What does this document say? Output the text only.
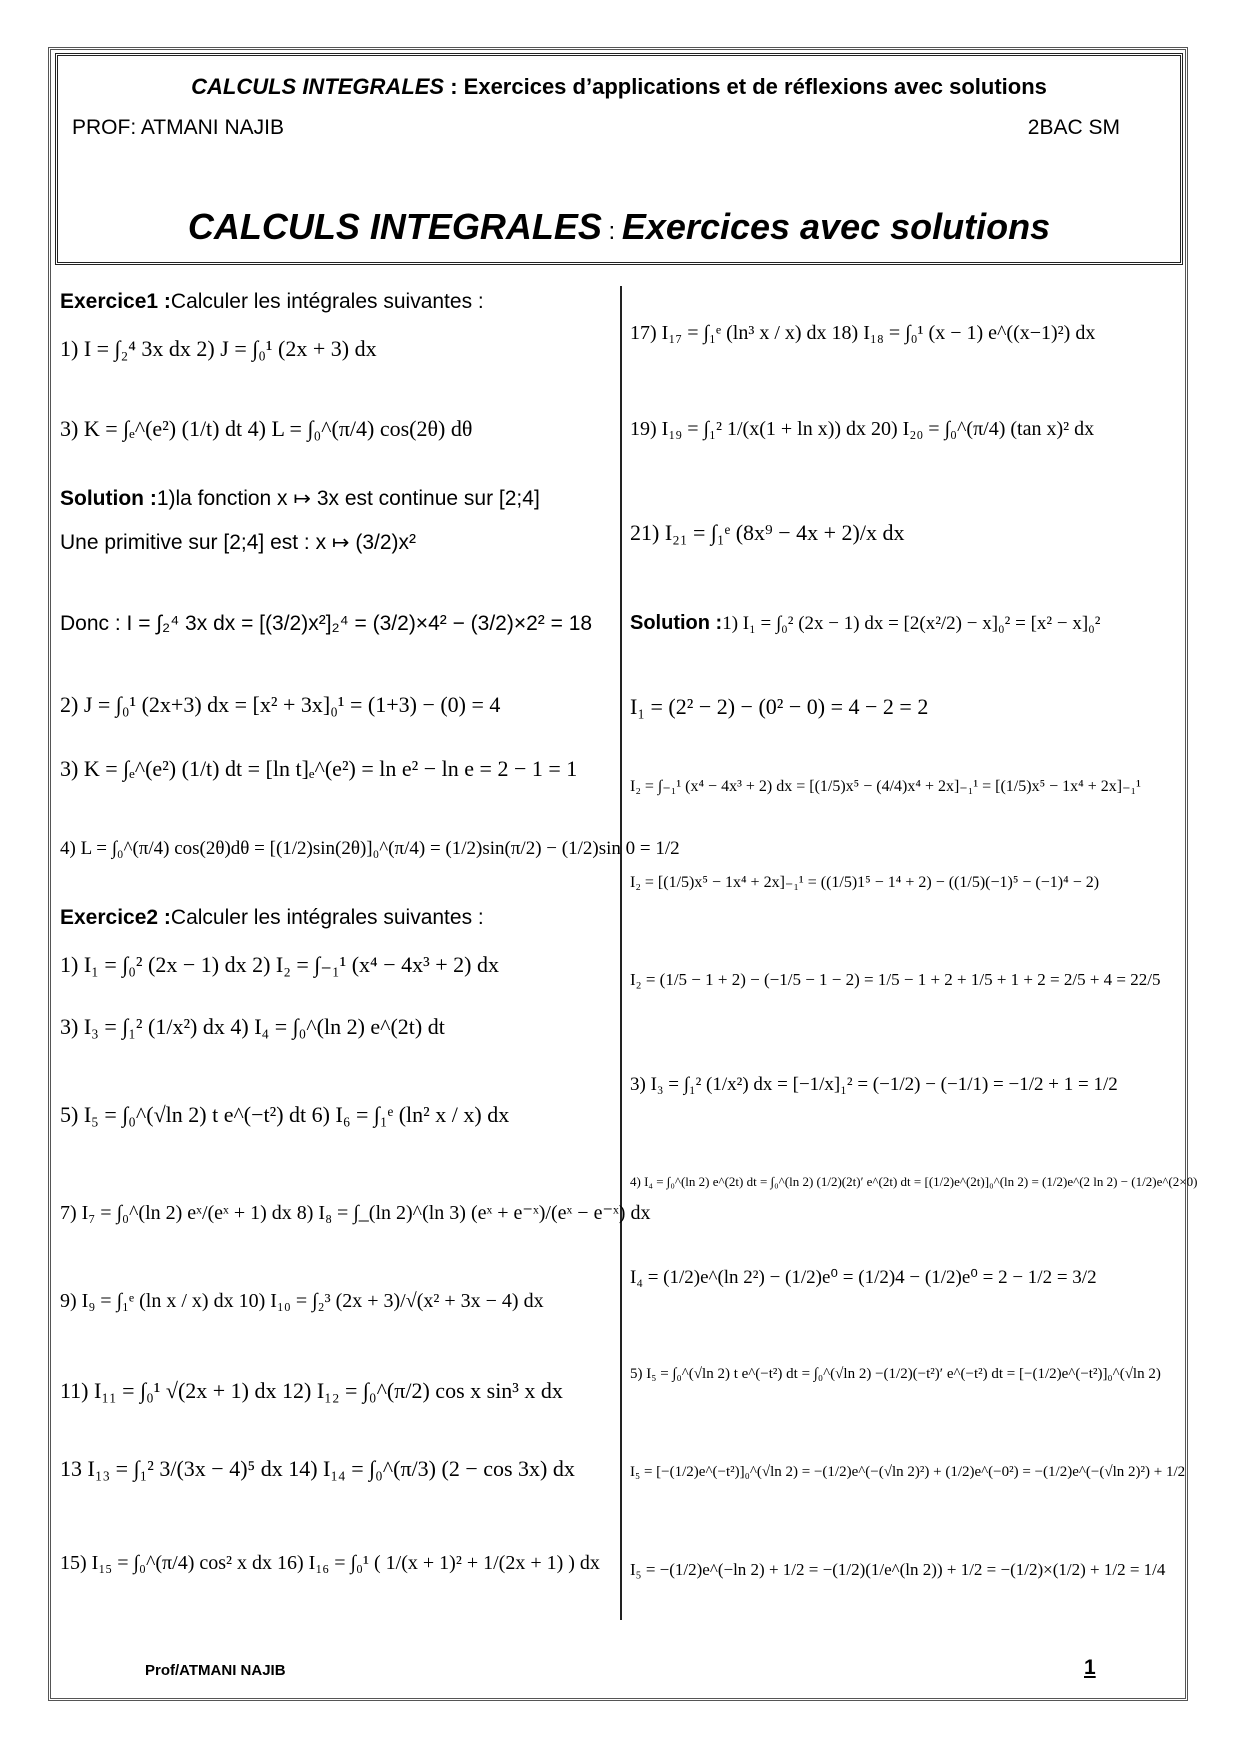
CALCULS INTEGRALES : Exercices d’applications et de réflexions avec solutions
PROF: ATMANI NAJIB	2BAC SM
CALCULS INTEGRALES : Exercices avec solutions
Exercice1 :Calculer les intégrales suivantes :
1) I = ∫₂⁴ 3x dx 2) J = ∫₀¹ (2x + 3) dx
3) K = ∫ₑ^(e²) (1/t) dt 4) L = ∫₀^(π/4) cos(2θ) dθ
Solution :1)la fonction x ↦ 3x est continue sur [2;4]
Une primitive sur [2;4] est : x ↦ (3/2)x²
Donc : I = ∫₂⁴ 3x dx = [(3/2)x²]₂⁴ = (3/2)×4² − (3/2)×2² = 18
2) J = ∫₀¹ (2x+3) dx = [x² + 3x]₀¹ = (1+3) − (0) = 4
3) K = ∫ₑ^(e²) (1/t) dt = [ln t]ₑ^(e²) = ln e² − ln e = 2 − 1 = 1
4) L = ∫₀^(π/4) cos(2θ)dθ = [(1/2)sin(2θ)]₀^(π/4) = (1/2)sin(π/2) − (1/2)sin 0 = 1/2
Exercice2 :Calculer les intégrales suivantes :
1) I₁ = ∫₀² (2x − 1) dx 2) I₂ = ∫₋₁¹ (x⁴ − 4x³ + 2) dx
3) I₃ = ∫₁² (1/x²) dx 4) I₄ = ∫₀^(ln 2) e^(2t) dt
5) I₅ = ∫₀^(√ln 2) t e^(−t²) dt 6) I₆ = ∫₁ᵉ (ln² x / x) dx
7) I₇ = ∫₀^(ln 2) eˣ/(eˣ + 1) dx 8) I₈ = ∫_(ln 2)^(ln 3) (eˣ + e⁻ˣ)/(eˣ − e⁻ˣ) dx
9) I₉ = ∫₁ᵉ (ln x / x) dx 10) I₁₀ = ∫₂³ (2x + 3)/√(x² + 3x − 4) dx
11) I₁₁ = ∫₀¹ √(2x + 1) dx 12) I₁₂ = ∫₀^(π/2) cos x sin³ x dx
13 I₁₃ = ∫₁² 3/(3x − 4)⁵ dx 14) I₁₄ = ∫₀^(π/3) (2 − cos 3x) dx
15) I₁₅ = ∫₀^(π/4) cos² x dx 16) I₁₆ = ∫₀¹ ( 1/(x + 1)² + 1/(2x + 1) ) dx
17) I₁₇ = ∫₁ᵉ (ln³ x / x) dx 18) I₁₈ = ∫₀¹ (x − 1) e^((x−1)²) dx
19) I₁₉ = ∫₁² 1/(x(1 + ln x)) dx 20) I₂₀ = ∫₀^(π/4) (tan x)² dx
21) I₂₁ = ∫₁ᵉ (8x⁹ − 4x + 2)/x dx
Solution :1) I₁ = ∫₀² (2x − 1) dx = [2(x²/2) − x]₀² = [x² − x]₀²
I₁ = (2² − 2) − (0² − 0) = 4 − 2 = 2
I₂ = ∫₋₁¹ (x⁴ − 4x³ + 2) dx = [(1/5)x⁵ − (4/4)x⁴ + 2x]₋₁¹ = [(1/5)x⁵ − 1x⁴ + 2x]₋₁¹
I₂ = [(1/5)x⁵ − 1x⁴ + 2x]₋₁¹ = ((1/5)1⁵ − 1⁴ + 2) − ((1/5)(−1)⁵ − (−1)⁴ − 2)
I₂ = (1/5 − 1 + 2) − (−1/5 − 1 − 2) = 1/5 − 1 + 2 + 1/5 + 1 + 2 = 2/5 + 4 = 22/5
3) I₃ = ∫₁² (1/x²) dx = [−1/x]₁² = (−1/2) − (−1/1) = −1/2 + 1 = 1/2
4) I₄ = ∫₀^(ln 2) e^(2t) dt = ∫₀^(ln 2) (1/2)(2t)′ e^(2t) dt = [(1/2)e^(2t)]₀^(ln 2) = (1/2)e^(2 ln 2) − (1/2)e^(2×0)
I₄ = (1/2)e^(ln 2²) − (1/2)e⁰ = (1/2)4 − (1/2)e⁰ = 2 − 1/2 = 3/2
5) I₅ = ∫₀^(√ln 2) t e^(−t²) dt = ∫₀^(√ln 2) −(1/2)(−t²)′ e^(−t²) dt = [−(1/2)e^(−t²)]₀^(√ln 2)
I₅ = [−(1/2)e^(−t²)]₀^(√ln 2) = −(1/2)e^(−(√ln 2)²) + (1/2)e^(−0²) = −(1/2)e^(−(√ln 2)²) + 1/2
I₅ = −(1/2)e^(−ln 2) + 1/2 = −(1/2)(1/e^(ln 2)) + 1/2 = −(1/2)×(1/2) + 1/2 = 1/4
Prof/ATMANI NAJIB	1
